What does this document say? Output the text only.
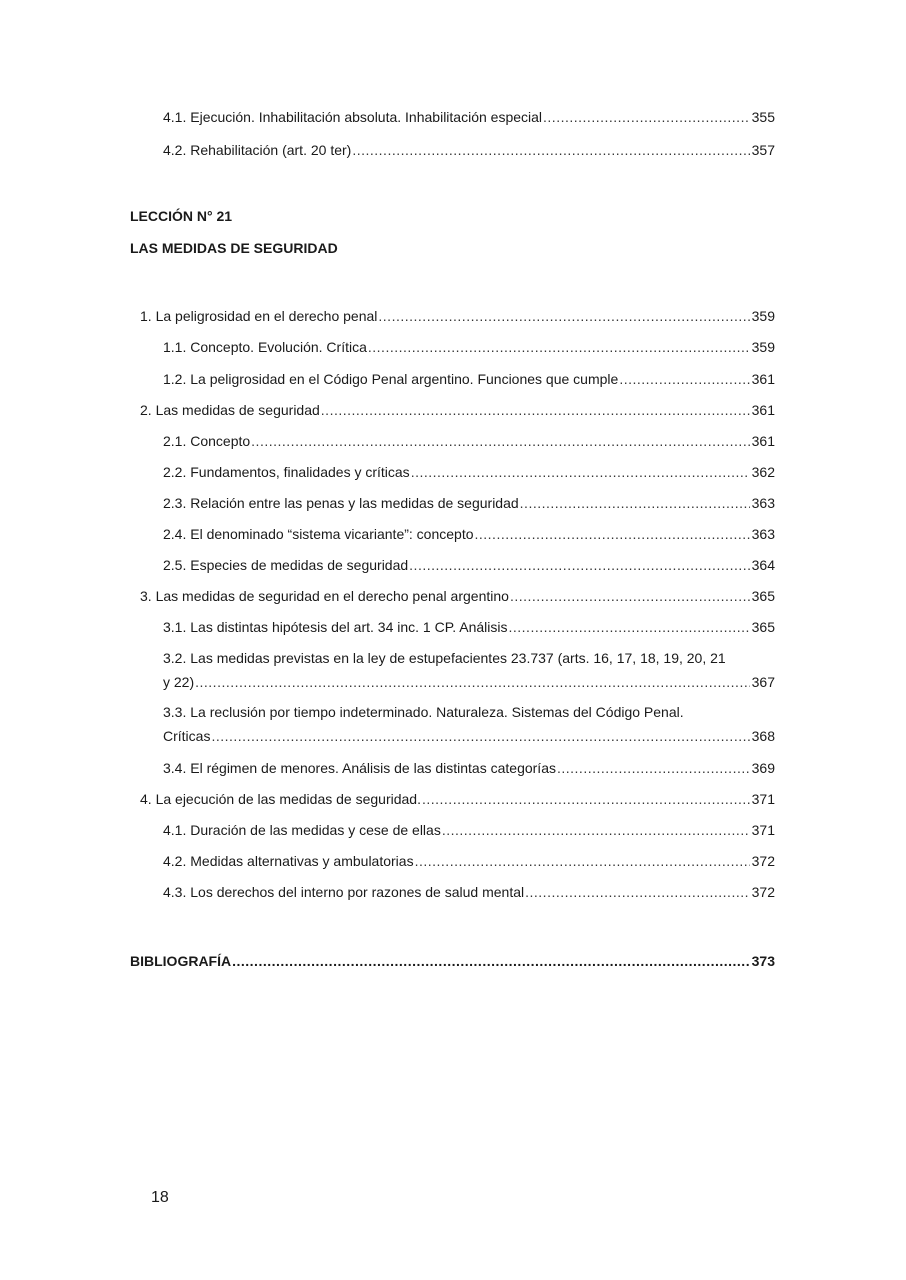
4.1. Ejecución. Inhabilitación absoluta. Inhabilitación especial .....	355
4.2. Rehabilitación (art. 20 ter) .....	357
LECCIÓN N° 21
LAS MEDIDAS DE SEGURIDAD
1. La peligrosidad en el derecho penal .....	359
1.1. Concepto. Evolución. Crítica .....	359
1.2. La peligrosidad en el Código Penal argentino. Funciones que cumple .....	361
2. Las medidas de seguridad .....	361
2.1. Concepto .....	361
2.2. Fundamentos, finalidades y críticas .....	362
2.3. Relación entre las penas y las medidas de seguridad .....	363
2.4. El denominado “sistema vicariante”: concepto .....	363
2.5. Especies de medidas de seguridad .....	364
3. Las medidas de seguridad en el derecho penal argentino .....	365
3.1. Las distintas hipótesis del art. 34 inc. 1 CP. Análisis .....	365
3.2. Las medidas previstas en la ley de estupefacientes 23.737 (arts. 16, 17, 18, 19, 20, 21
y 22) .....	367
3.3. La reclusión por tiempo indeterminado. Naturaleza. Sistemas del Código Penal.
Críticas .....	368
3.4. El régimen de menores. Análisis de las distintas categorías .....	369
4. La ejecución de las medidas de seguridad. .....	371
4.1. Duración de las medidas y cese de ellas .....	371
4.2. Medidas alternativas y ambulatorias .....	372
4.3. Los derechos del interno por razones de salud mental .....	372
BIBLIOGRAFÍA .....	373
18
